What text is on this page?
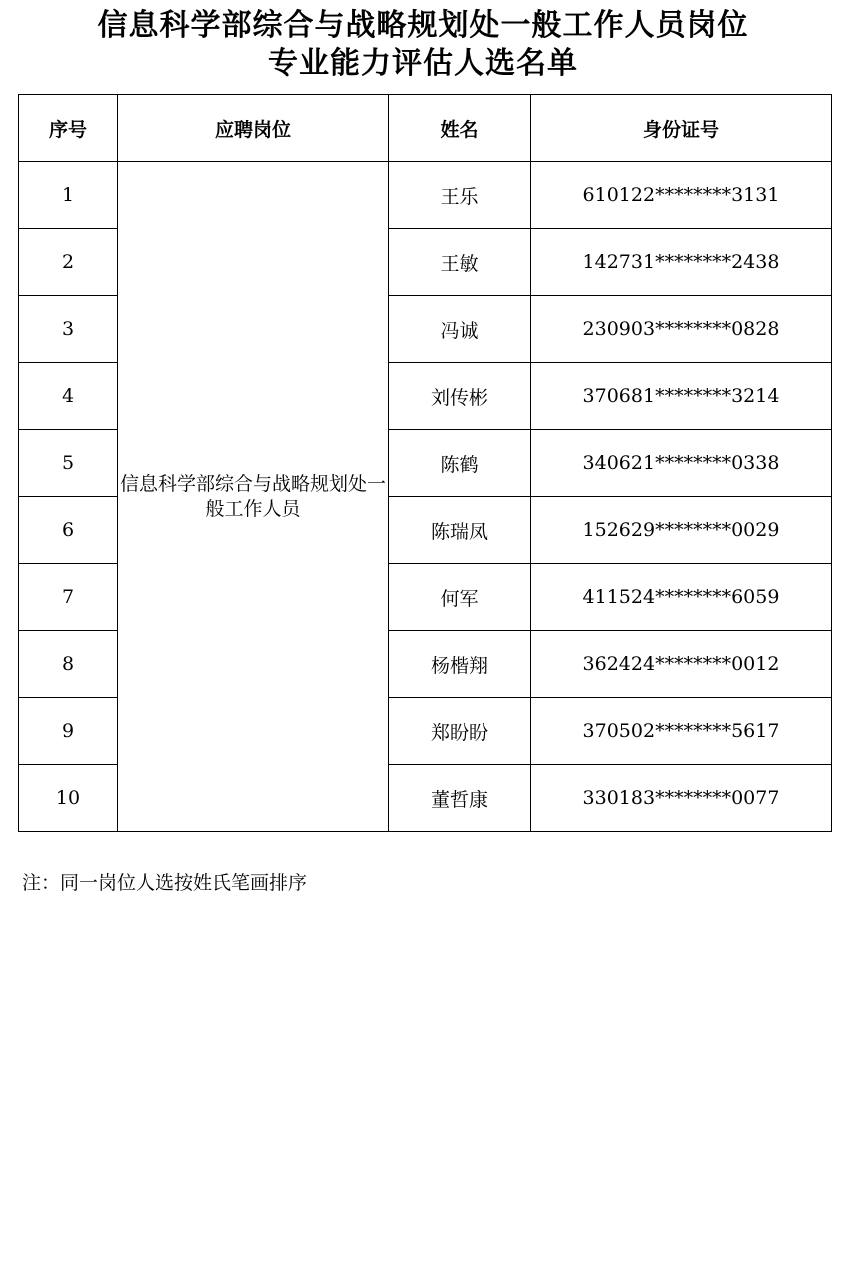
信息科学部综合与战略规划处一般工作人员岗位
专业能力评估人选名单
序号	应聘岗位	姓名	身份证号
1	信息科学部综合与战略规划处一般工作人员	王乐	610122********3131
2		王敏	142731********2438
3		冯诚	230903********0828
4		刘传彬	370681********3214
5		陈鹤	340621********0338
6		陈瑞凤	152629********0029
7		何军	411524********6059
8		杨楷翔	362424********0012
9		郑盼盼	370502********5617
10		董哲康	330183********0077
注：同一岗位人选按姓氏笔画排序
